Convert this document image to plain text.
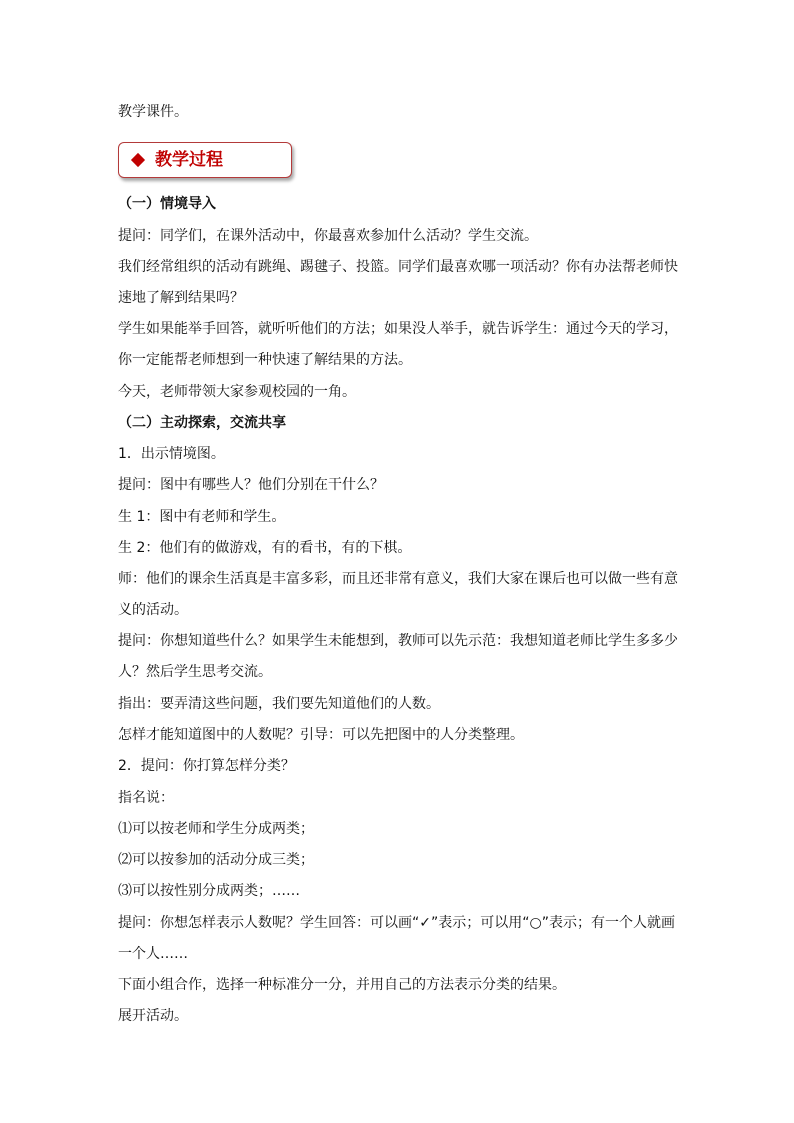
教学课件。
教学过程
（一）情境导入
提问：同学们，在课外活动中，你最喜欢参加什么活动？学生交流。
我们经常组织的活动有跳绳、踢毽子、投篮。同学们最喜欢哪一项活动？你有办法帮老师快速地了解到结果吗？
学生如果能举手回答，就听听他们的方法；如果没人举手，就告诉学生：通过今天的学习，你一定能帮老师想到一种快速了解结果的方法。
今天，老师带领大家参观校园的一角。
（二）主动探索，交流共享
1．出示情境图。
提问：图中有哪些人？他们分别在干什么？
生 1：图中有老师和学生。
生 2：他们有的做游戏，有的看书，有的下棋。
师：他们的课余生活真是丰富多彩，而且还非常有意义，我们大家在课后也可以做一些有意义的活动。
提问：你想知道些什么？如果学生未能想到，教师可以先示范：我想知道老师比学生多多少人？然后学生思考交流。
指出：要弄清这些问题，我们要先知道他们的人数。
怎样才能知道图中的人数呢？引导：可以先把图中的人分类整理。
2．提问：你打算怎样分类？
指名说：
⑴可以按老师和学生分成两类；
⑵可以按参加的活动分成三类；
⑶可以按性别分成两类；……
提问：你想怎样表示人数呢？学生回答：可以画“✓”表示；可以用“○”表示；有一个人就画一个人……
下面小组合作，选择一种标准分一分，并用自己的方法表示分类的结果。
展开活动。
